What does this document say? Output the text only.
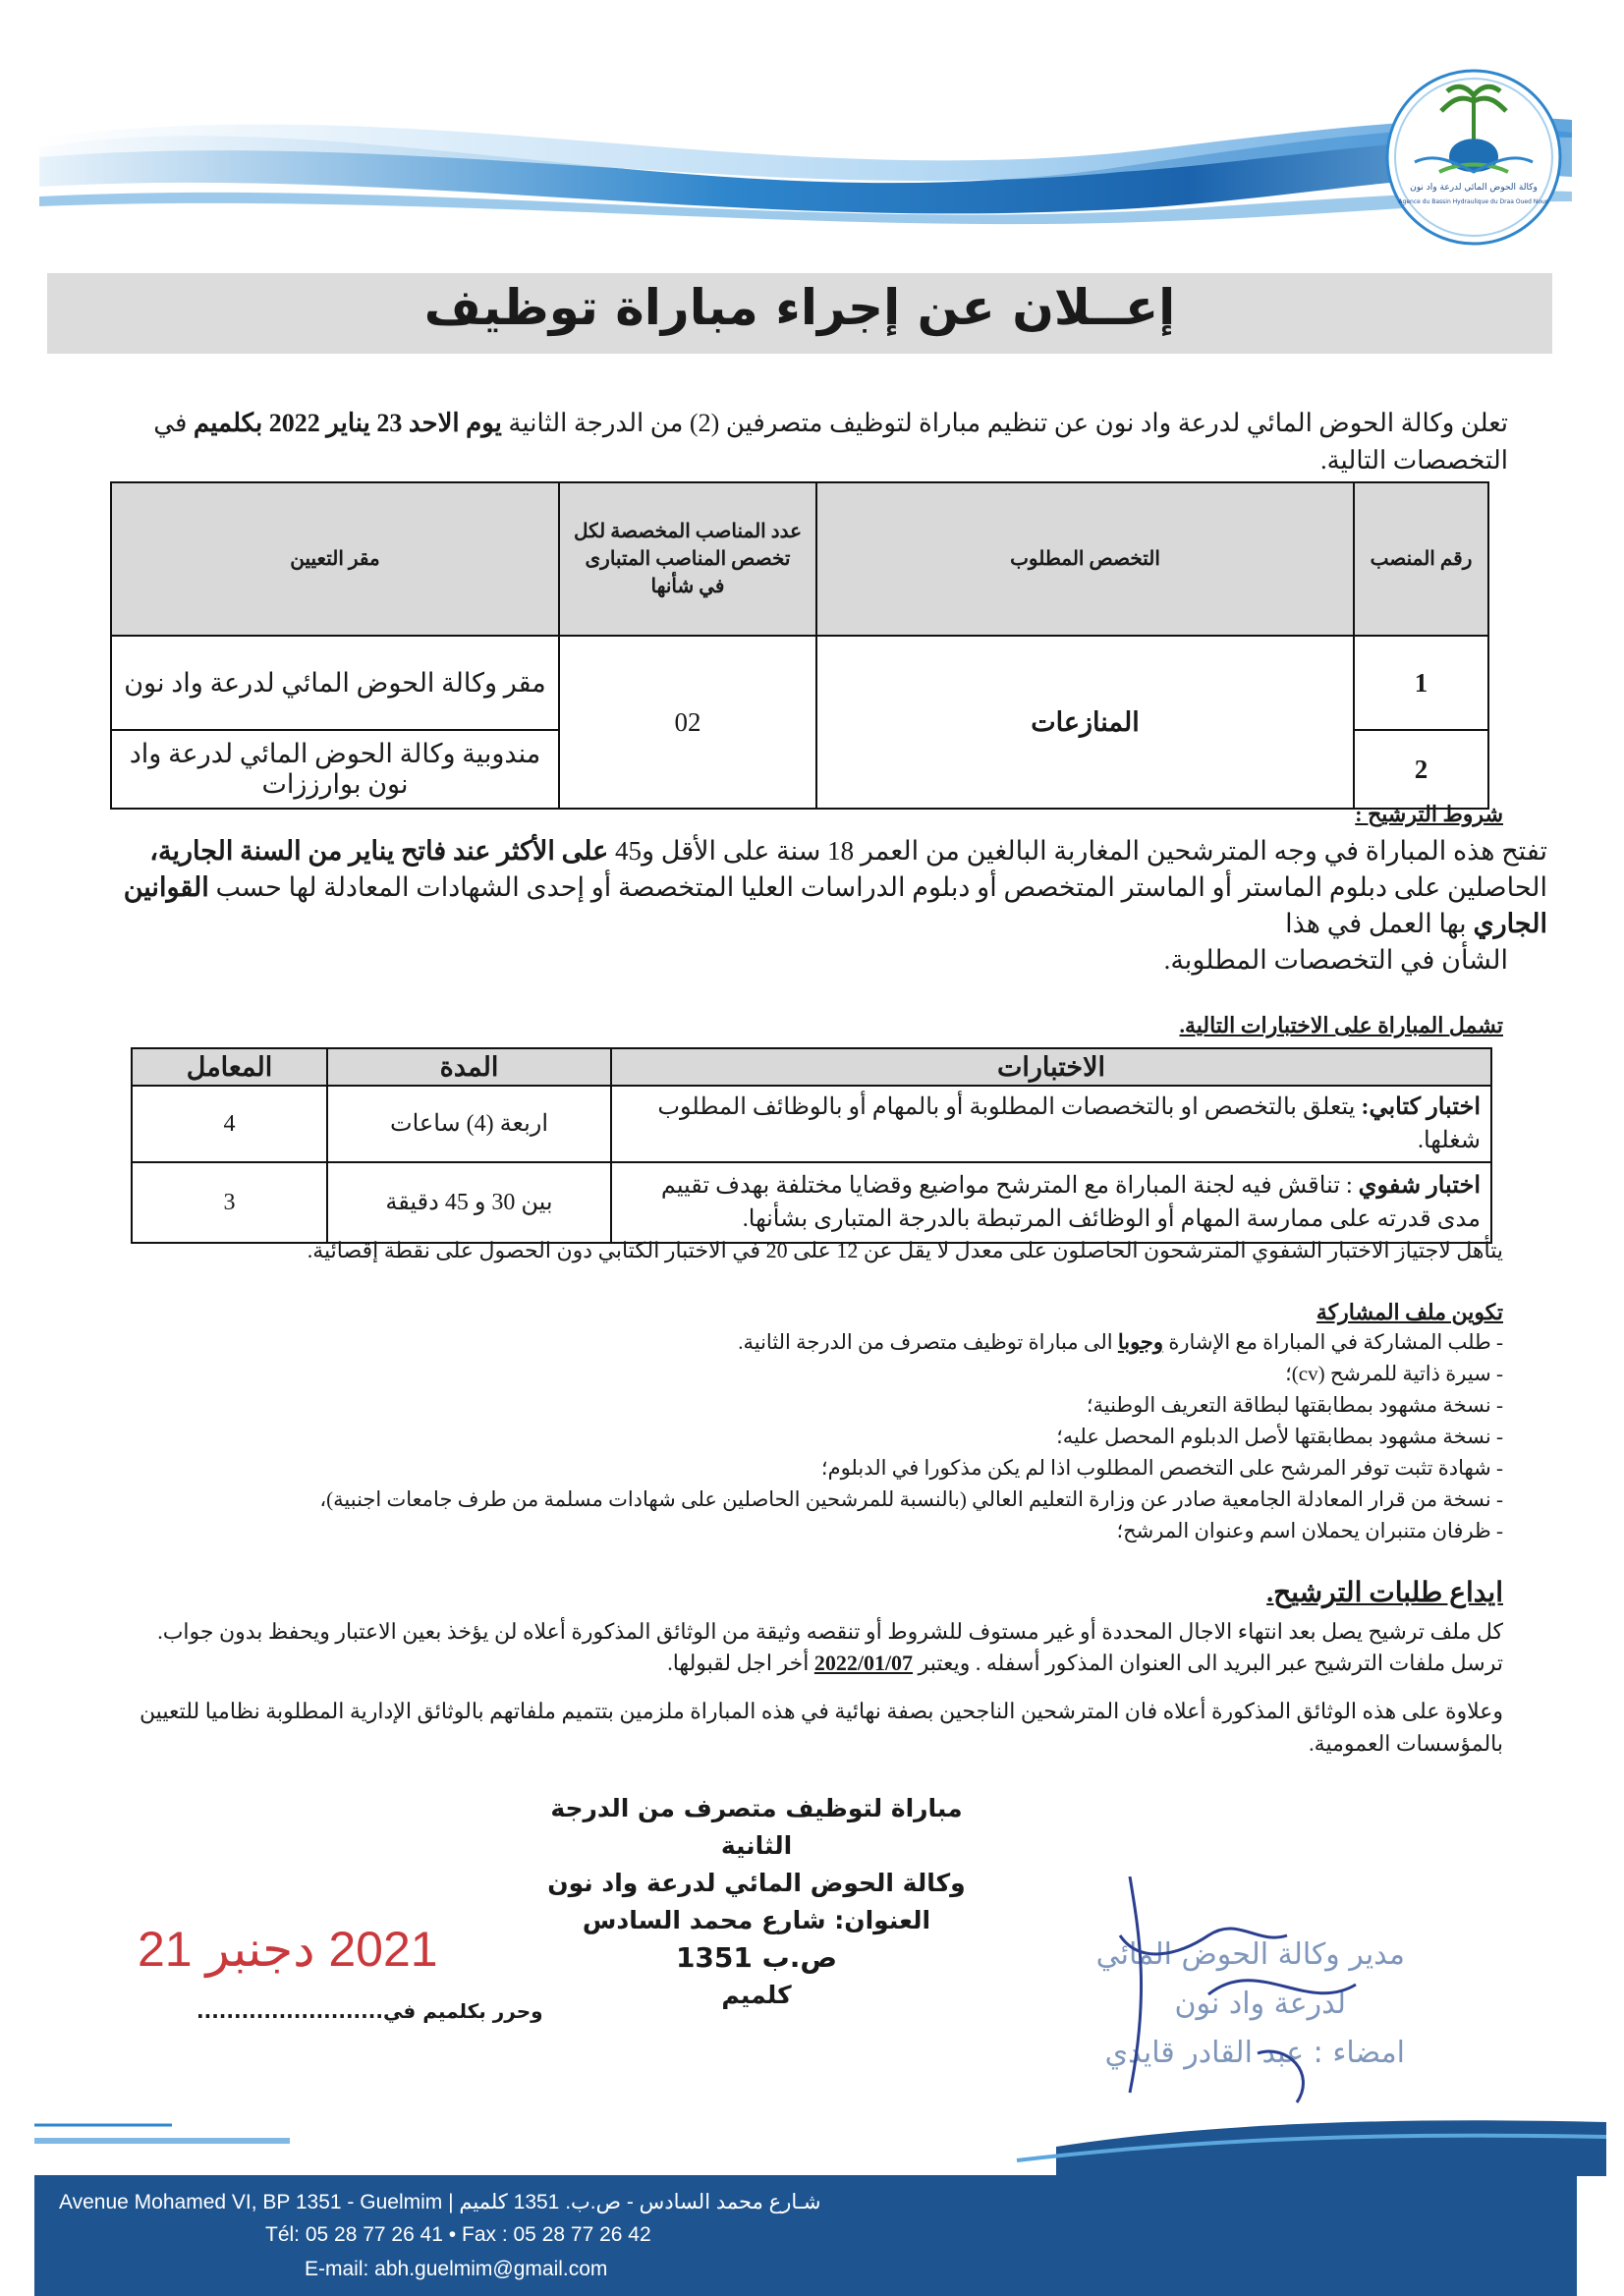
وكالة الحوض المائي لدرعة واد نون
Agence du Bassin Hydraulique du Draa Oued Noun
إعــلان عن إجراء مباراة توظيف
تعلن وكالة الحوض المائي لدرعة واد نون عن تنظيم مباراة لتوظيف متصرفين (2) من الدرجة الثانية يوم الاحد 23 يناير 2022 بكلميم في التخصصات التالية.
رقم المنصب	التخصص المطلوب	عدد المناصب المخصصة لكل تخصص المناصب المتبارى في شأنها	مقر التعيين
1	المنازعات	02	مقر وكالة الحوض المائي لدرعة واد نون
2			مندوبية وكالة الحوض المائي لدرعة واد نون بوارززات
شروط الترشيح :
تفتح هذه المباراة في وجه المترشحين المغاربة البالغين من العمر 18 سنة على الأقل و45 على الأكثر عند فاتح يناير من السنة الجارية، الحاصلين على دبلوم الماستر أو الماستر المتخصص أو دبلوم الدراسات العليا المتخصصة أو إحدى الشهادات المعادلة لها حسب القوانين الجاري بها العمل في هذا
الشأن في التخصصات المطلوبة.
تشمل المباراة على الاختبارات التالية.
الاختبارات	المدة	المعامل
اختبار كتابي: يتعلق بالتخصص او بالتخصصات المطلوبة أو بالمهام أو بالوظائف المطلوب شغلها.	اربعة (4) ساعات	4
اختبار شفوي : تناقش فيه لجنة المباراة مع المترشح مواضيع وقضايا مختلفة بهدف تقييم مدى قدرته على ممارسة المهام أو الوظائف المرتبطة بالدرجة المتبارى بشأنها.	بين 30 و 45 دقيقة	3
يتأهل لاجتياز الاختبار الشفوي المترشحون الحاصلون على معدل لا يقل عن 12 على 20 في الاختبار الكتابي دون الحصول على نقطة إقصائية.
تكوين ملف المشاركة
- طلب المشاركة في المباراة مع الإشارة وجوبا الى مباراة توظيف متصرف من الدرجة الثانية.
- سيرة ذاتية للمرشح (cv)؛
- نسخة مشهود بمطابقتها لبطاقة التعريف الوطنية؛
- نسخة مشهود بمطابقتها لأصل الدبلوم المحصل عليه؛
- شهادة تثبت توفر المرشح على التخصص المطلوب اذا لم يكن مذكورا في الدبلوم؛
- نسخة من قرار المعادلة الجامعية صادر عن وزارة التعليم العالي (بالنسبة للمرشحين الحاصلين على شهادات مسلمة من طرف جامعات اجنبية)،
- ظرفان متنبران يحملان اسم وعنوان المرشح؛
ايداع طلبات الترشيح.
كل ملف ترشيح يصل بعد انتهاء الاجال المحددة أو غير مستوف للشروط أو تنقصه وثيقة من الوثائق المذكورة أعلاه لن يؤخذ بعين الاعتبار ويحفظ بدون جواب.
ترسل ملفات الترشيح عبر البريد الى العنوان المذكور أسفله . ويعتبر 2022/01/07 أخر اجل لقبولها.
وعلاوة على هذه الوثائق المذكورة أعلاه فان المترشحين الناجحين بصفة نهائية في هذه المباراة ملزمين بتتميم ملفاتهم بالوثائق الإدارية المطلوبة نظاميا للتعيين بالمؤسسات العمومية.
مباراة لتوظيف متصرف من الدرجة الثانية
وكالة الحوض المائي لدرعة واد نون
العنوان: شارع محمد السادس
ص.ب 1351
كلميم
2021 دجنبر 21
وحرر بكلميم في.........................
مدير وكالة الحوض المائي
لدرعة واد نون
امضاء : عبد القادر قايدي
Avenue Mohamed VI, BP 1351 - Guelmim | شـارع محمد السادس - ص.ب. 1351 كلميم
Tél: 05 28 77 26 41 • Fax : 05 28 77 26 42
E-mail: abh.guelmim@gmail.com
